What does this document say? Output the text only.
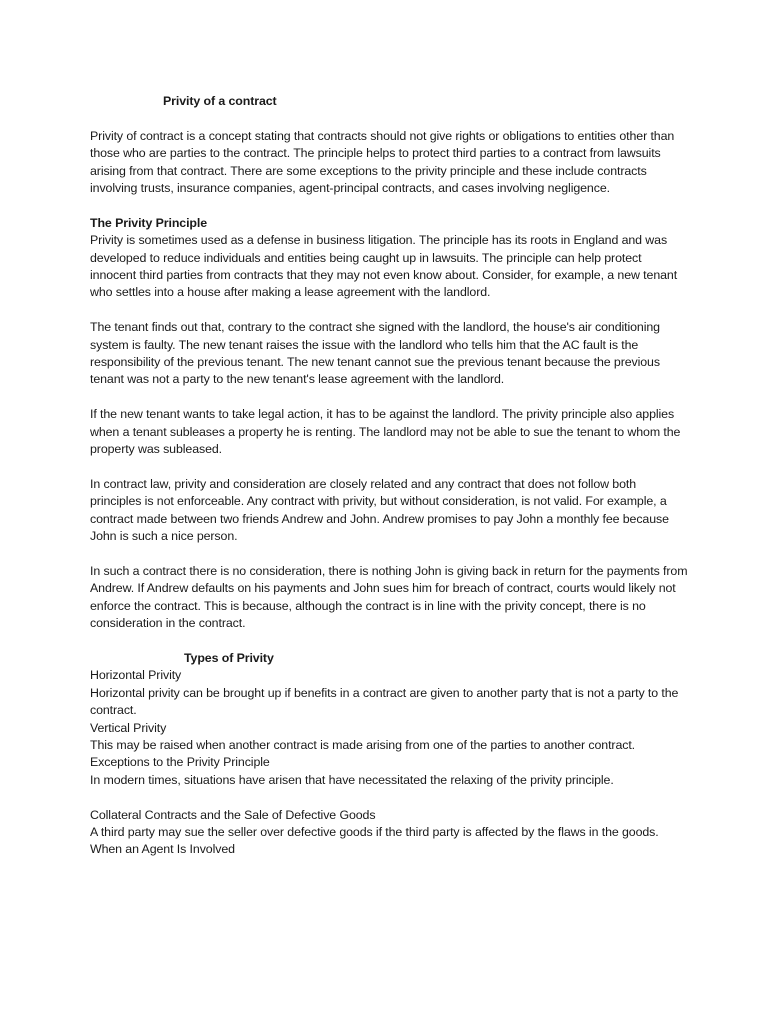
Privity of a contract

Privity of contract is a concept stating that contracts should not give rights or obligations to entities other than those who are parties to the contract. The principle helps to protect third parties to a contract from lawsuits arising from that contract. There are some exceptions to the privity principle and these include contracts involving trusts, insurance companies, agent-principal contracts, and cases involving negligence.

The Privity Principle

Privity is sometimes used as a defense in business litigation. The principle has its roots in England and was developed to reduce individuals and entities being caught up in lawsuits. The principle can help protect innocent third parties from contracts that they may not even know about. Consider, for example, a new tenant who settles into a house after making a lease agreement with the landlord.

The tenant finds out that, contrary to the contract she signed with the landlord, the house's air conditioning system is faulty. The new tenant raises the issue with the landlord who tells him that the AC fault is the responsibility of the previous tenant. The new tenant cannot sue the previous tenant because the previous tenant was not a party to the new tenant's lease agreement with the landlord.

If the new tenant wants to take legal action, it has to be against the landlord. The privity principle also applies when a tenant subleases a property he is renting. The landlord may not be able to sue the tenant to whom the property was subleased.

In contract law, privity and consideration are closely related and any contract that does not follow both principles is not enforceable. Any contract with privity, but without consideration, is not valid. For example, a contract made between two friends Andrew and John. Andrew promises to pay John a monthly fee because John is such a nice person.

In such a contract there is no consideration, there is nothing John is giving back in return for the payments from Andrew. If Andrew defaults on his payments and John sues him for breach of contract, courts would likely not enforce the contract. This is because, although the contract is in line with the privity concept, there is no consideration in the contract.

Types of Privity

Horizontal Privity

Horizontal privity can be brought up if benefits in a contract are given to another party that is not a party to the contract.

Vertical Privity

This may be raised when another contract is made arising from one of the parties to another contract.

Exceptions to the Privity Principle

In modern times, situations have arisen that have necessitated the relaxing of the privity principle.

Collateral Contracts and the Sale of Defective Goods

A third party may sue the seller over defective goods if the third party is affected by the flaws in the goods.

When an Agent Is Involved
